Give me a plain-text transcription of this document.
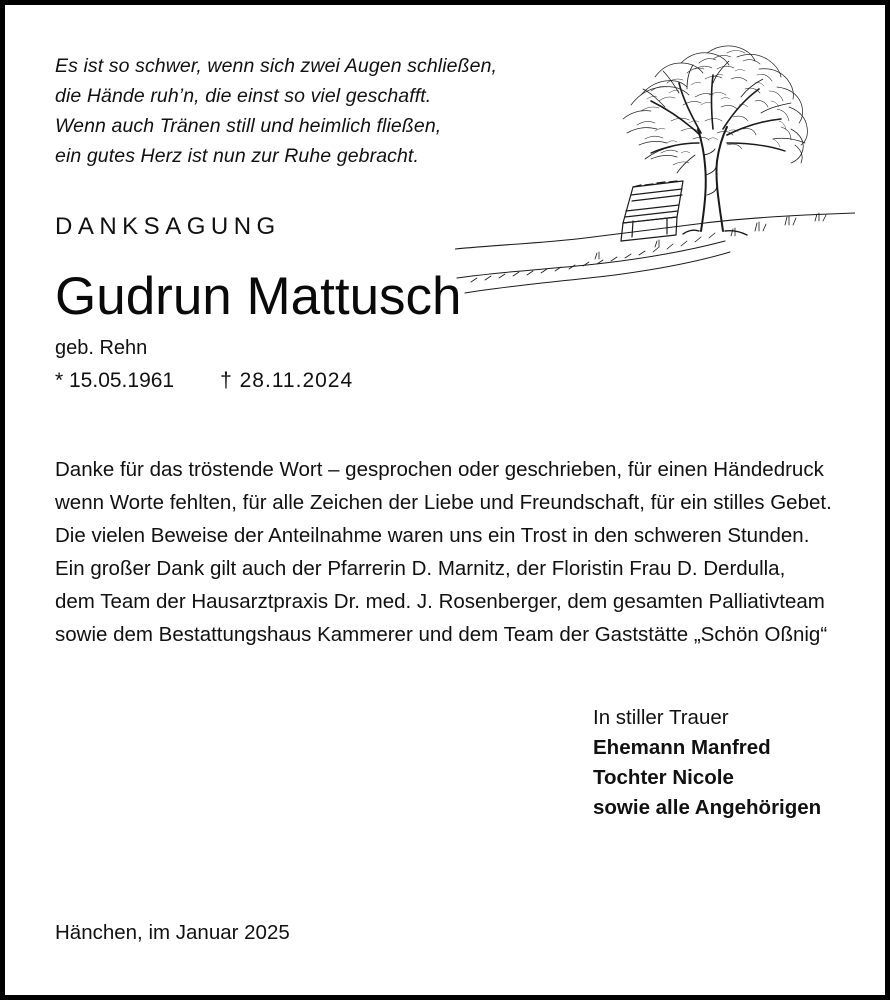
Es ist so schwer, wenn sich zwei Augen schließen,
die Hände ruh’n, die einst so viel geschafft.
Wenn auch Tränen still und heimlich fließen,
ein gutes Herz ist nun zur Ruhe gebracht.
DANKSAGUNG
Gudrun Mattusch
geb. Rehn
* 15.05.1961 † 28.11.2024
Danke für das tröstende Wort – gesprochen oder geschrieben, für einen Händedruck
wenn Worte fehlten, für alle Zeichen der Liebe und Freundschaft, für ein stilles Gebet.
Die vielen Beweise der Anteilnahme waren uns ein Trost in den schweren Stunden.
Ein großer Dank gilt auch der Pfarrerin D. Marnitz, der Floristin Frau D. Derdulla,
dem Team der Hausarztpraxis Dr. med. J. Rosenberger, dem gesamten Palliativteam
sowie dem Bestattungshaus Kammerer und dem Team der Gaststätte „Schön Oßnig“
In stiller Trauer
Ehemann Manfred
Tochter Nicole
sowie alle Angehörigen
Hänchen, im Januar 2025
